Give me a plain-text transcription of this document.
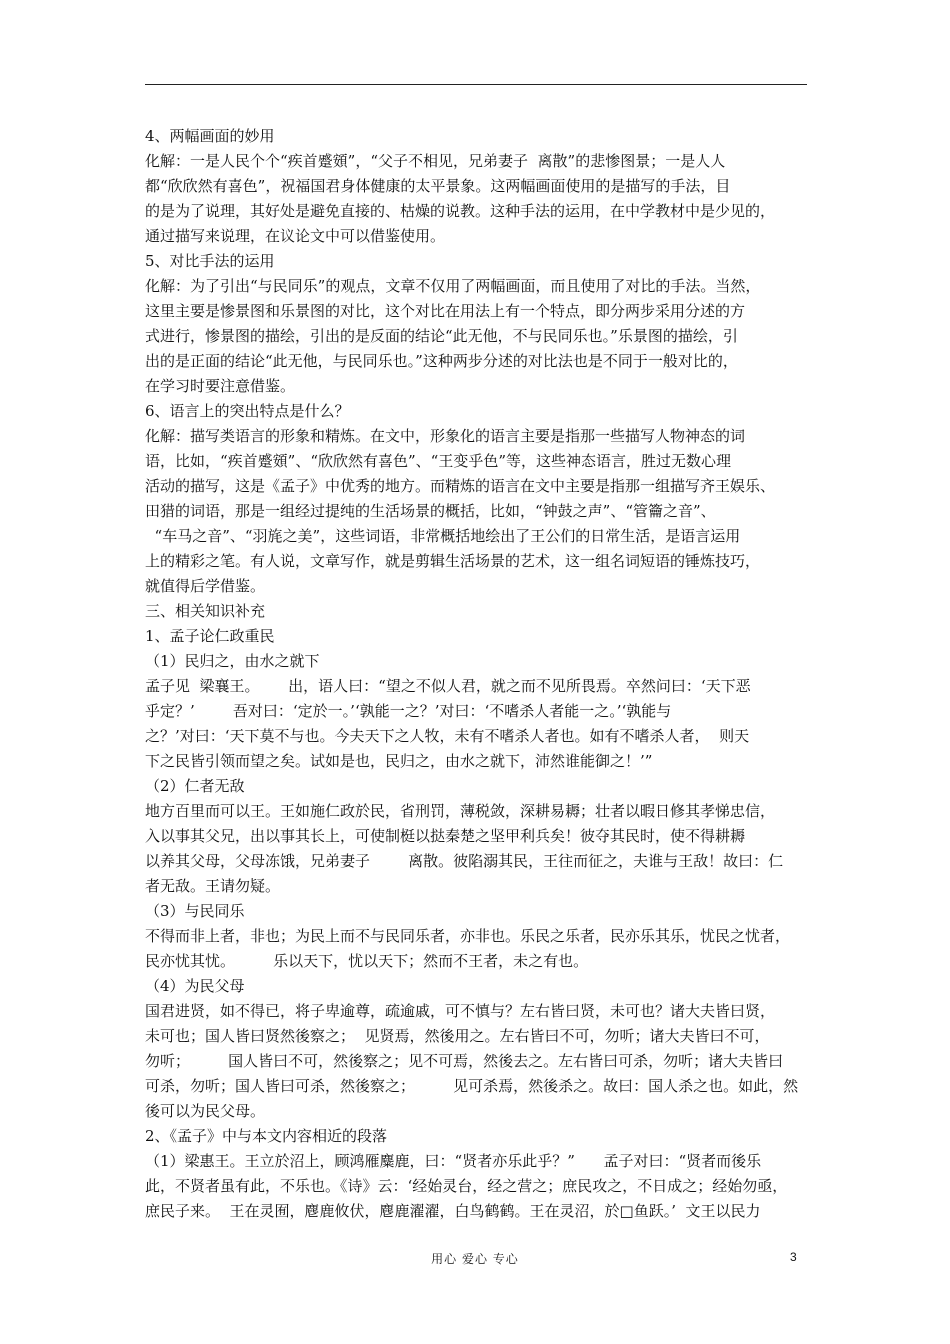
4、两幅画面的妙用
化解：一是人民个个“疾首蹙頞”，“父子不相见，兄弟妻子  离散”的悲惨图景；一是人人
都“欣欣然有喜色”，祝福国君身体健康的太平景象。这两幅画面使用的是描写的手法，目
的是为了说理，其好处是避免直接的、枯燥的说教。这种手法的运用，在中学教材中是少见的，
通过描写来说理，在议论文中可以借鉴使用。
5、对比手法的运用
化解：为了引出“与民同乐”的观点，文章不仅用了两幅画面，而且使用了对比的手法。当然，
这里主要是惨景图和乐景图的对比，这个对比在用法上有一个特点，即分两步采用分述的方
式进行，惨景图的描绘，引出的是反面的结论“此无他，不与民同乐也。”乐景图的描绘，引
出的是正面的结论“此无他，与民同乐也。”这种两步分述的对比法也是不同于一般对比的，
在学习时要注意借鉴。
6、语言上的突出特点是什么？
化解：描写类语言的形象和精炼。在文中，形象化的语言主要是指那一些描写人物神态的词
语，比如，“疾首蹙頞”、“欣欣然有喜色”、“王变乎色”等，这些神态语言，胜过无数心理
活动的描写，这是《孟子》中优秀的地方。而精炼的语言在文中主要是指那一组描写齐王娱乐、
田猎的词语，那是一组经过提纯的生活场景的概括，比如，“钟鼓之声”、“管籥之音”、
“车马之音”、“羽旄之美”，这些词语，非常概括地绘出了王公们的日常生活，是语言运用
上的精彩之笔。有人说，文章写作，就是剪辑生活场景的艺术，这一组名词短语的锤炼技巧，
就值得后学借鉴。
三、相关知识补充
1、孟子论仁政重民
（1）民归之，由水之就下
孟子见  梁襄王。      出，语人曰：“望之不似人君，就之而不见所畏焉。卒然问曰：‘天下恶
乎定？’        吾对曰：‘定於一。’‘孰能一之？’对曰：‘不嗜杀人者能一之。’‘孰能与
之？’对曰：‘天下莫不与也。今夫天下之人牧，未有不嗜杀人者也。如有不嗜杀人者，  则天
下之民皆引领而望之矣。试如是也，民归之，由水之就下，沛然谁能御之！’”
（2）仁者无敌
地方百里而可以王。王如施仁政於民，省刑罚，薄税敛，深耕易耨；壮者以暇日修其孝悌忠信，
入以事其父兄，出以事其长上，可使制梃以挞秦楚之坚甲利兵矣！彼夺其民时，使不得耕耨
以养其父母，父母冻饿，兄弟妻子        离散。彼陷溺其民，王往而征之，夫谁与王敌！故曰：仁
者无敌。王请勿疑。
（3）与民同乐
不得而非上者，非也；为民上而不与民同乐者，亦非也。乐民之乐者，民亦乐其乐，忧民之忧者，
民亦忧其忧。        乐以天下，忧以天下；然而不王者，未之有也。
（4）为民父母
国君进贤，如不得已，将子卑逾尊，疏逾戚，可不慎与？左右皆曰贤，未可也？诸大夫皆曰贤，
未可也；国人皆曰贤然後察之；  见贤焉，然後用之。左右皆曰不可，勿听；诸大夫皆曰不可，
勿听；        国人皆曰不可，然後察之；见不可焉，然後去之。左右皆曰可杀，勿听；诸大夫皆曰
可杀，勿听；国人皆曰可杀，然後察之；        见可杀焉，然後杀之。故曰：国人杀之也。如此，然
後可以为民父母。
2、《孟子》中与本文内容相近的段落
（1）梁惠王。王立於沼上，顾鸿雁麋鹿，曰：“贤者亦乐此乎？”      孟子对曰：“贤者而後乐
此，不贤者虽有此，不乐也。《诗》云：‘经始灵台，经之营之；庶民攻之，不日成之；经始勿亟，
庶民子来。  王在灵囿，麀鹿攸伏，麀鹿濯濯，白鸟鹤鹤。王在灵沼，於□鱼跃。’  文王以民力
用心 爱心 专心	3
